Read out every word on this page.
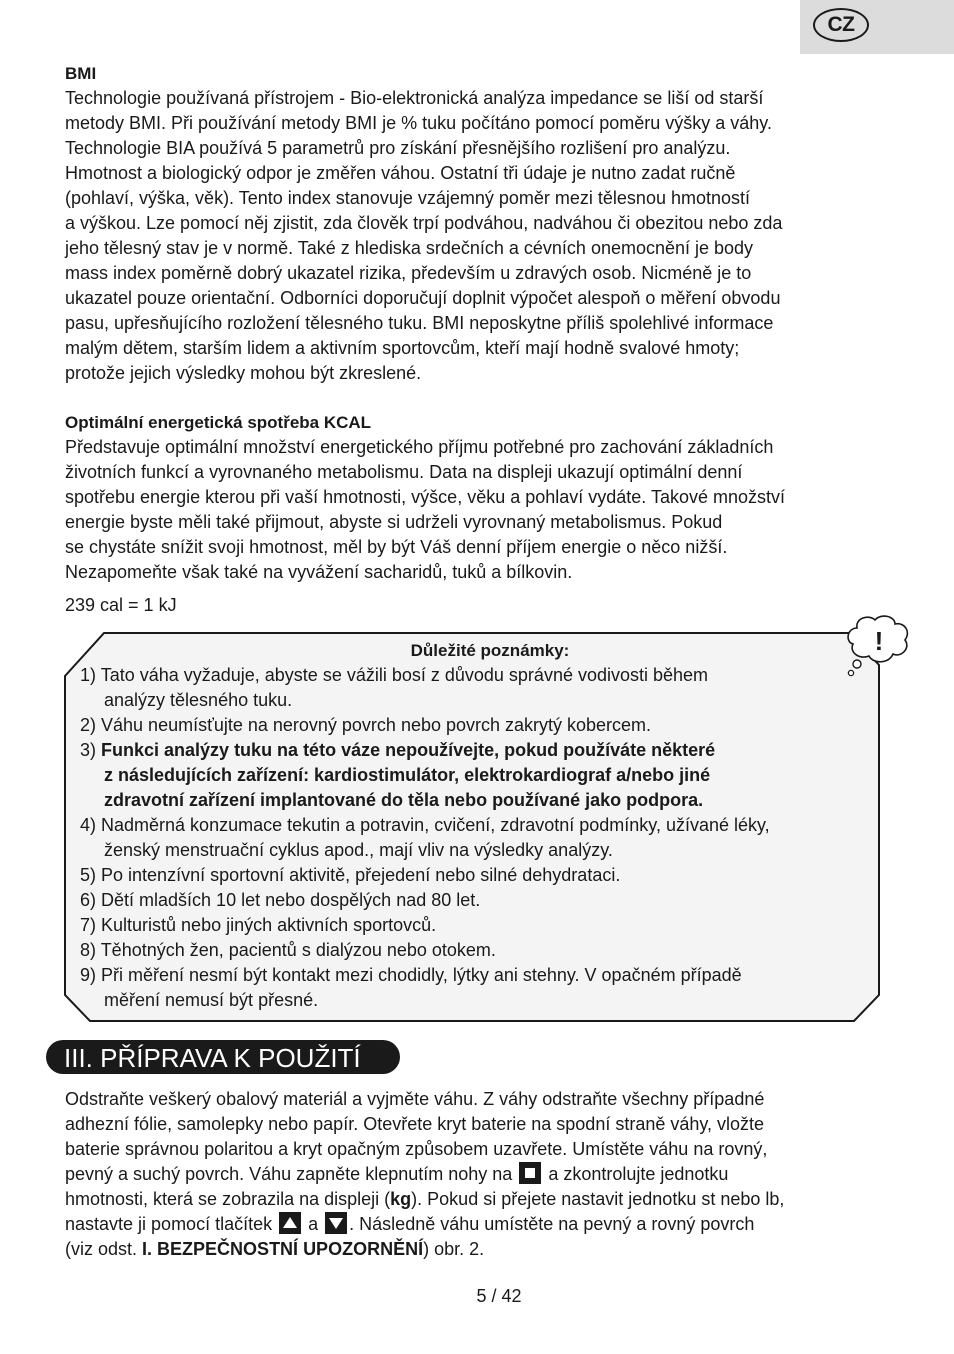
CZ
BMI
Technologie používaná přístrojem - Bio-elektronická analýza impedance se liší od starší
metody BMI. Při používání metody BMI je % tuku počítáno pomocí poměru výšky a váhy.
Technologie BIA používá 5 parametrů pro získání přesnějšího rozlišení pro analýzu.
Hmotnost a biologický odpor je změřen váhou. Ostatní tři údaje je nutno zadat ručně
(pohlaví, výška, věk). Tento index stanovuje vzájemný poměr mezi tělesnou hmotností
a výškou. Lze pomocí něj zjistit, zda člověk trpí podváhou, nadváhou či obezitou nebo zda
jeho tělesný stav je v normě. Také z hlediska srdečních a cévních onemocnění je body
mass index poměrně dobrý ukazatel rizika, především u zdravých osob. Nicméně je to
ukazatel pouze orientační. Odborníci doporučují doplnit výpočet alespoň o měření obvodu
pasu, upřesňujícího rozložení tělesného tuku. BMI neposkytne příliš spolehlivé informace
malým dětem, starším lidem a aktivním sportovcům, kteří mají hodně svalové hmoty;
protože jejich výsledky mohou být zkreslené.
Optimální energetická spotřeba KCAL
Představuje optimální množství energetického příjmu potřebné pro zachování základních
životních funkcí a vyrovnaného metabolismu. Data na displeji ukazují optimální denní
spotřebu energie kterou při vaší hmotnosti, výšce, věku a pohlaví vydáte. Takové množství
energie byste měli také přijmout, abyste si udrželi vyrovnaný metabolismus. Pokud
se chystáte snížit svoji hmotnost, měl by být Váš denní příjem energie o něco nižší.
Nezapomeňte však také na vyvážení sacharidů, tuků a bílkovin.
239 cal = 1 kJ
Důležité poznámky:
1) Tato váha vyžaduje, abyste se vážili bosí z důvodu správné vodivosti během
analýzy tělesného tuku.
2) Váhu neumísťujte na nerovný povrch nebo povrch zakrytý kobercem.
3) Funkci analýzy tuku na této váze nepoužívejte, pokud používáte některé
z následujících zařízení: kardiostimulátor, elektrokardiograf a/nebo jiné
zdravotní zařízení implantované do těla nebo používané jako podpora.
4) Nadměrná konzumace tekutin a potravin, cvičení, zdravotní podmínky, užívané léky,
ženský menstruační cyklus apod., mají vliv na výsledky analýzy.
5) Po intenzívní sportovní aktivitě, přejedení nebo silné dehydrataci.
6) Dětí mladších 10 let nebo dospělých nad 80 let.
7) Kulturistů nebo jiných aktivních sportovců.
8) Těhotných žen, pacientů s dialýzou nebo otokem.
9) Při měření nesmí být kontakt mezi chodidly, lýtky ani stehny. V opačném případě
měření nemusí být přesné.
!
III. PŘÍPRAVA K POUŽITÍ
Odstraňte veškerý obalový materiál a vyjměte váhu. Z váhy odstraňte všechny případné
adhezní fólie, samolepky nebo papír. Otevřete kryt baterie na spodní straně váhy, vložte
baterie správnou polaritou a kryt opačným způsobem uzavřete. Umístěte váhu na rovný,
pevný a suchý povrch. Váhu zapněte klepnutím nohy na a zkontrolujte jednotku
hmotnosti, která se zobrazila na displeji (kg). Pokud si přejete nastavit jednotku st nebo lb,
nastavte ji pomocí tlačítek a . Následně váhu umístěte na pevný a rovný povrch
(viz odst. I. BEZPEČNOSTNÍ UPOZORNĚNÍ) obr. 2.
5 / 42
